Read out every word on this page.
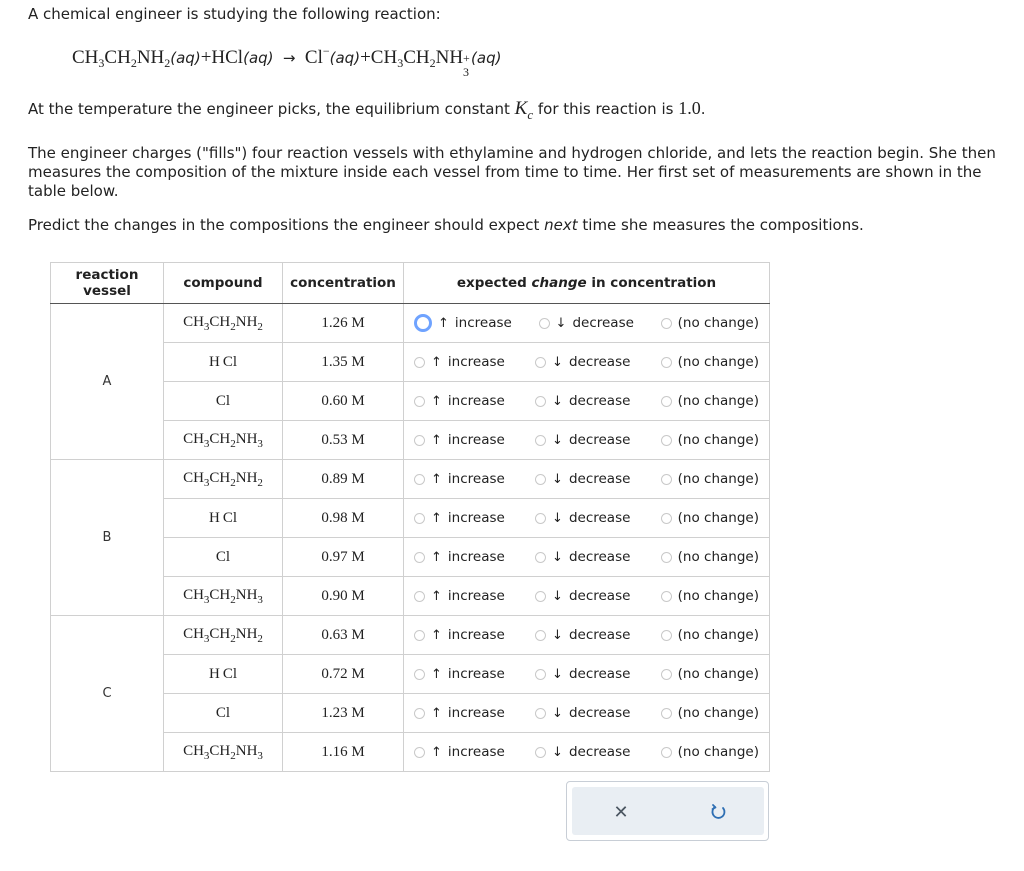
A chemical engineer is studying the following reaction:

$CH_3CH_2NH_2(aq)+HCl(aq) \to Cl^-(aq)+CH_3CH_2NH$ +
3
(aq)

At the temperature the engineer picks, the equilibrium constant Kc for this reaction is 1.0.

The engineer charges ("fills") four reaction vessels with ethylamine and hydrogen chloride, and lets the reaction begin. She then measures the composition of the mixture inside each vessel from time to time. Her first set of measurements are shown in the table below.

Predict the changes in the compositions the engineer should expect next time she measures the compositions.

reaction
vessel	compound	concentration	expected change in concentration
A	$CH_3CH_2NH_2$	1.26 M	↑ increase ↓ decrease (no change)

	H Cl	1.35 M	↑ increase ↓ decrease (no change)

	Cl	0.60 M	↑ increase ↓ decrease (no change)

	$CH_3CH_2NH_3$	0.53 M	↑ increase ↓ decrease (no change)

B	$CH_3CH_2NH_2$	0.89 M	↑ increase ↓ decrease (no change)

	H Cl	0.98 M	↑ increase ↓ decrease (no change)

	Cl	0.97 M	↑ increase ↓ decrease (no change)

	$CH_3CH_2NH_3$	0.90 M	↑ increase ↓ decrease (no change)

C	$CH_3CH_2NH_2$	0.63 M	↑ increase ↓ decrease (no change)

	H Cl	0.72 M	↑ increase ↓ decrease (no change)

	Cl	1.23 M	↑ increase ↓ decrease (no change)

	$CH_3CH_2NH_3$	1.16 M	↑ increase ↓ decrease (no change)
✕
